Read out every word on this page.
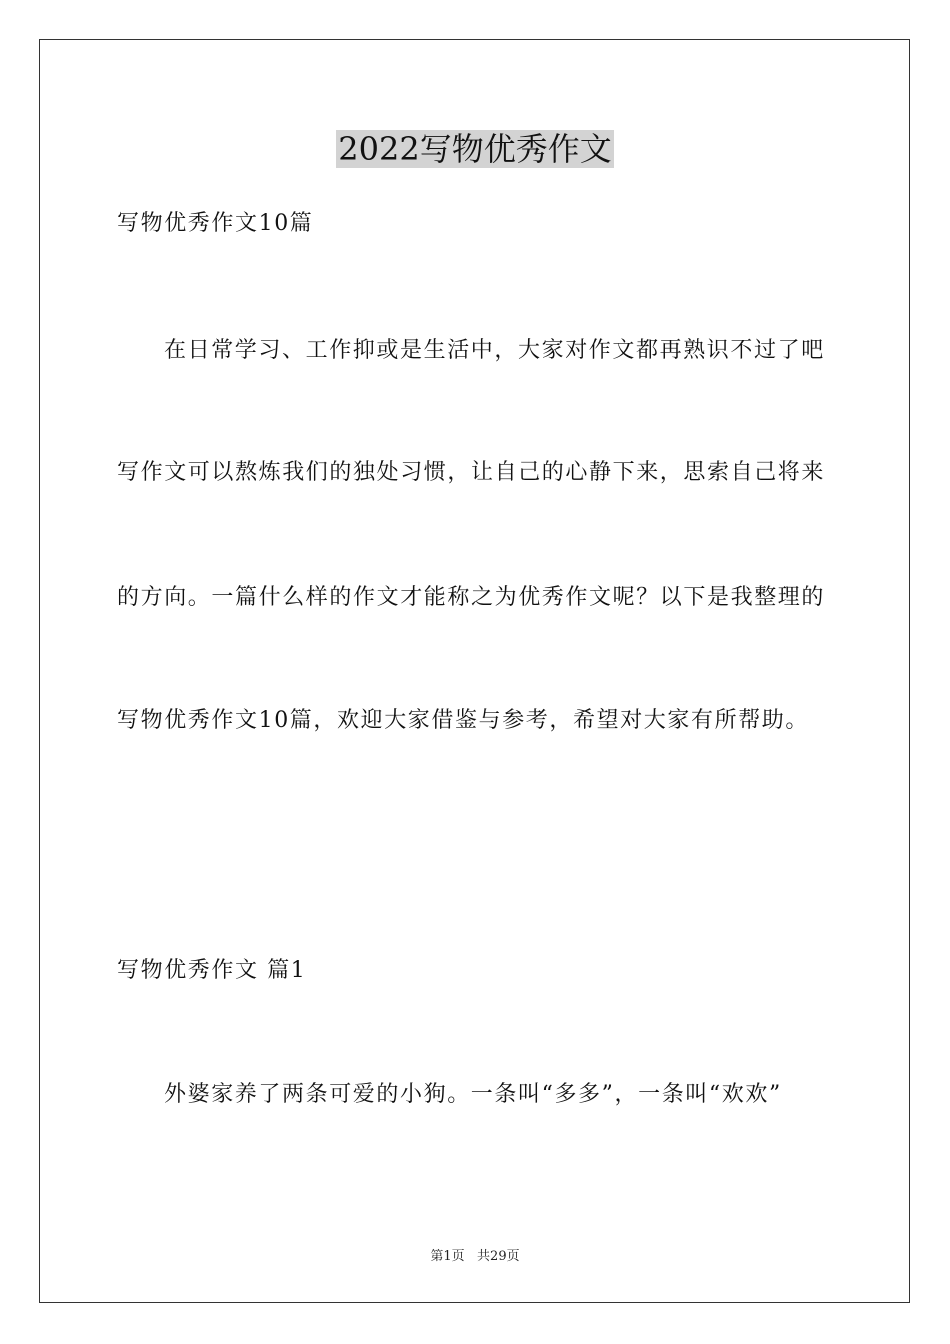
2022写物优秀作文
写物优秀作文10篇
在日常学习、工作抑或是生活中，大家对作文都再熟识不过了吧
写作文可以熬炼我们的独处习惯，让自己的心静下来，思索自己将来
的方向。一篇什么样的作文才能称之为优秀作文呢？以下是我整理的
写物优秀作文10篇，欢迎大家借鉴与参考，希望对大家有所帮助。
写物优秀作文 篇1
外婆家养了两条可爱的小狗。一条叫“多多”，一条叫“欢欢”
第1页   共29页
